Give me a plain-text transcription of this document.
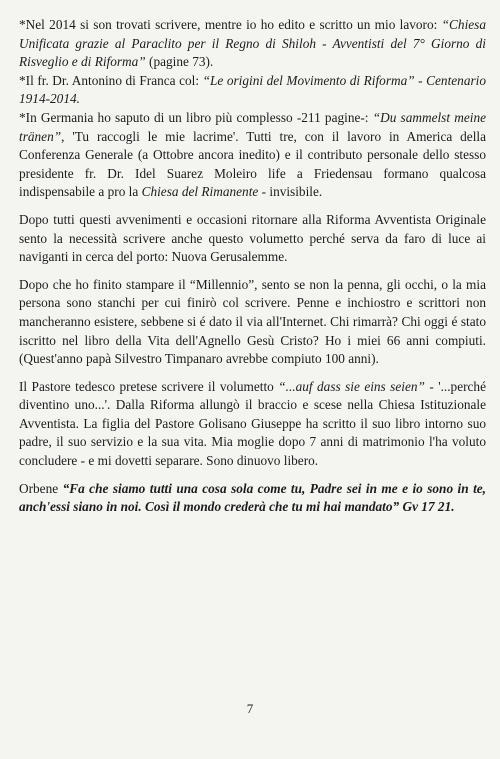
*Nel 2014 si son trovati scrivere, mentre io ho edito e scritto un mio lavoro: “Chiesa Unificata grazie al Paraclito per il Regno di Shiloh - Avventisti del 7° Giorno di Risveglio e di Riforma” (pagine 73).
*Il fr. Dr. Antonino di Franca col: “Le origini del Movimento di Riforma” - Centenario 1914-2014.
*In Germania ho saputo di un libro più complesso -211 pagine-: “Du sammelst meine tränen”, 'Tu raccogli le mie lacrime'. Tutti tre, con il lavoro in America della Conferenza Generale (a Ottobre ancora inedito) e il contributo personale dello stesso presidente fr. Dr. Idel Suarez Moleiro life a Friedensau formano qualcosa indispensabile a pro la Chiesa del Rimanente - invisibile.

Dopo tutti questi avvenimenti e occasioni ritornare alla Riforma Avventista Originale sento la necessità scrivere anche questo volumetto perché serva da faro di luce ai naviganti in cerca del porto: Nuova Gerusalemme.

Dopo che ho finito stampare il “Millennio”, sento se non la penna, gli occhi, o la mia persona sono stanchi per cui finirò col scrivere. Penne e inchiostro e scrittori non mancheranno esistere, sebbene si é dato il via all'Internet. Chi rimarrà? Chi oggi é stato iscritto nel libro della Vita dell'Agnello Gesù Cristo? Ho i miei 66 anni compiuti. (Quest'anno papà Silvestro Timpanaro avrebbe compiuto 100 anni).

Il Pastore tedesco pretese scrivere il volumetto “...auf dass sie eins seien” - '...perché diventino uno...'. Dalla Riforma allungò il braccio e scese nella Chiesa Istituzionale Avventista. La figlia del Pastore Golisano Giuseppe ha scritto il suo libro intorno suo padre, il suo servizio e la sua vita. Mia moglie dopo 7 anni di matrimonio l'ha voluto concludere - e mi dovetti separare. Sono dinuovo libero.

Orbene “Fa che siamo tutti una cosa sola come tu, Padre sei in me e io sono in te, anch'essi siano in noi. Così il mondo crederà che tu mi hai mandato” Gv 17 21.

7
